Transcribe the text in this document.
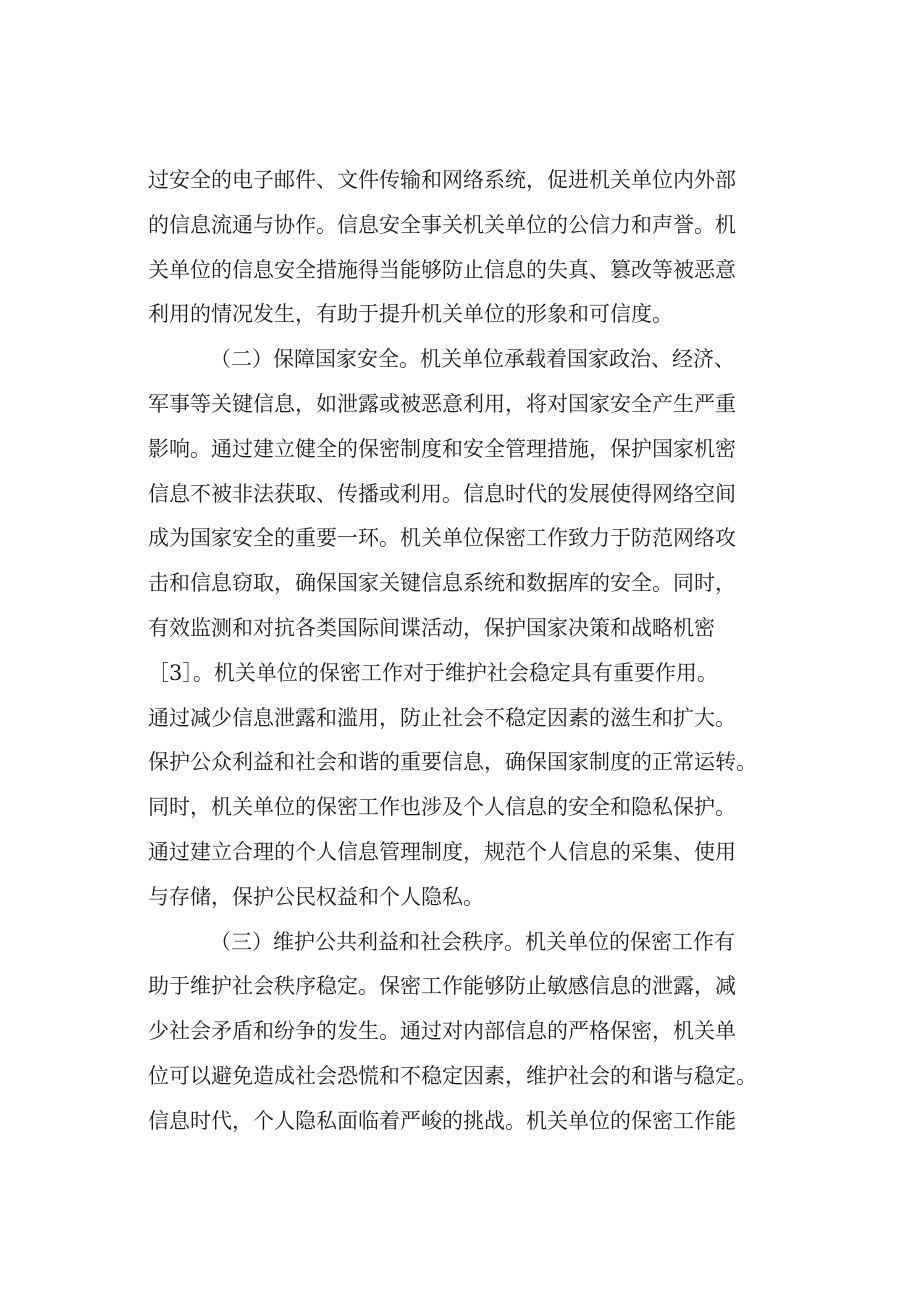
过安全的电子邮件、文件传输和网络系统，促进机关单位内外部
的信息流通与协作。信息安全事关机关单位的公信力和声誉。机
关单位的信息安全措施得当能够防止信息的失真、篡改等被恶意
利用的情况发生，有助于提升机关单位的形象和可信度。

（二）保障国家安全。机关单位承载着国家政治、经济、
军事等关键信息，如泄露或被恶意利用，将对国家安全产生严重
影响。通过建立健全的保密制度和安全管理措施，保护国家机密
信息不被非法获取、传播或利用。信息时代的发展使得网络空间
成为国家安全的重要一环。机关单位保密工作致力于防范网络攻
击和信息窃取，确保国家关键信息系统和数据库的安全。同时，
有效监测和对抗各类国际间谍活动，保护国家决策和战略机密
［3］。机关单位的保密工作对于维护社会稳定具有重要作用。
通过减少信息泄露和滥用，防止社会不稳定因素的滋生和扩大。
保护公众利益和社会和谐的重要信息，确保国家制度的正常运转。
同时，机关单位的保密工作也涉及个人信息的安全和隐私保护。
通过建立合理的个人信息管理制度，规范个人信息的采集、使用
与存储，保护公民权益和个人隐私。

（三）维护公共利益和社会秩序。机关单位的保密工作有
助于维护社会秩序稳定。保密工作能够防止敏感信息的泄露，减
少社会矛盾和纷争的发生。通过对内部信息的严格保密，机关单
位可以避免造成社会恐慌和不稳定因素，维护社会的和谐与稳定。
信息时代，个人隐私面临着严峻的挑战。机关单位的保密工作能
